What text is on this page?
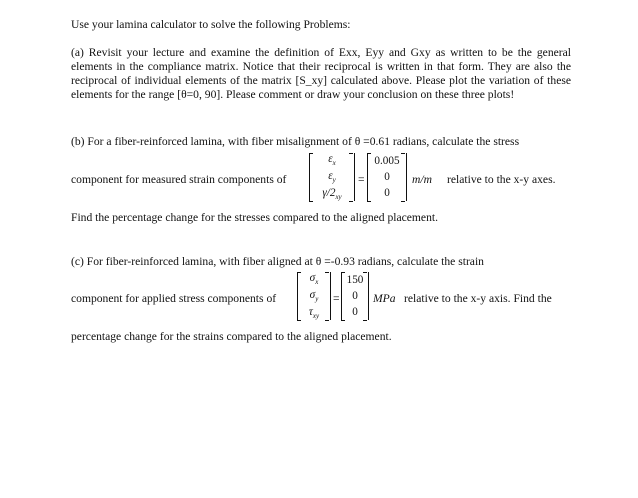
Use your lamina calculator to solve the following Problems:

(a) Revisit your lecture and examine the definition of Exx, Eyy and Gxy as written to be the general elements in the compliance matrix. Notice that their reciprocal is written in that form. They are also the reciprocal of individual elements of the matrix [S_xy] calculated above. Please plot the variation of these elements for the range [θ=0, 90]. Please comment or draw your conclusion on these three plots!

(b) For a fiber-reinforced lamina, with fiber misalignment of θ =0.61 radians, calculate the stress

component for measured strain components of
$\varepsilon_x$
$\varepsilon_y$
$\gamma/2_{xy}$
=
0.005
0
0
m/m relative to the x-y axes.

Find the percentage change for the stresses compared to the aligned placement.

(c) For fiber-reinforced lamina, with fiber aligned at θ =-0.93 radians, calculate the strain

component for applied stress components of
$\sigma_x$
$\sigma_y$
$\tau_{xy}$
=
150
0
0
MPa relative to the x-y axis. Find the

percentage change for the strains compared to the aligned placement.
